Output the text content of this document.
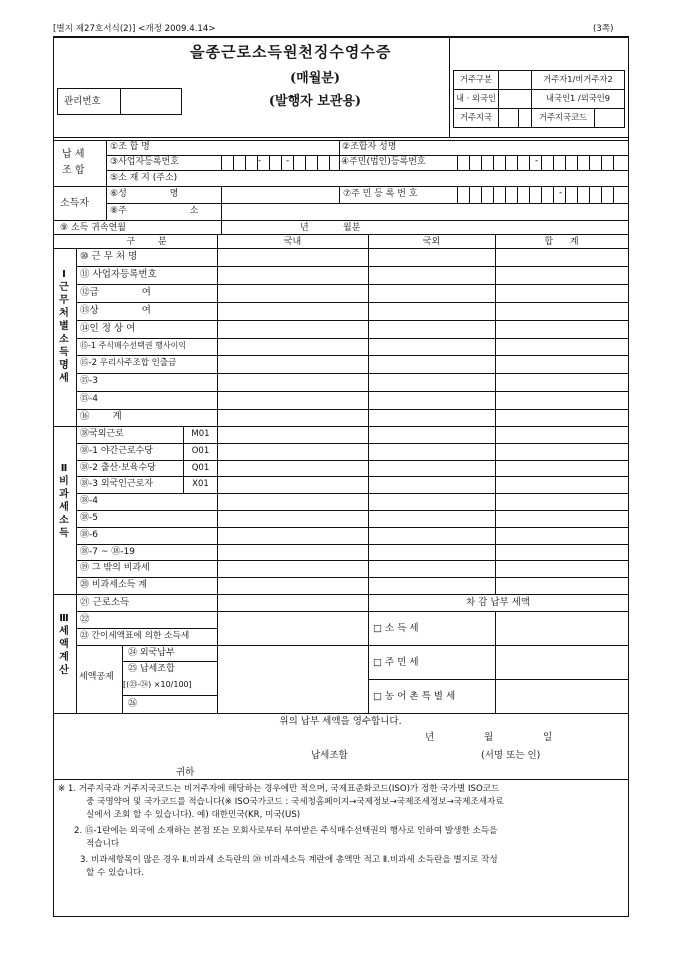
[별지 제27호서식(2)] <개정 2009.4.14>	(3쪽)
을종근로소득원천징수영수증
(매월분)
(발행자 보관용)
관리번호
거주구분	거주자1/비거주자2
내 · 외국인	내국인1 /외국인9
거주지국	거주지국코드
-	-	-
-
납 세
조 합
①조 합 명	②조합자 성명
③사업자등록번호	④주민(법인)등록번호
⑤소 재 지 (주소)
소득자
⑥성 명	⑦주 민 등 록 번 호
⑧주 소
⑨ 소득 귀속연월	년	월분
구 분	국내	국외	합 계
Ⅰ 근무처별소득명세
⑩ 근 무 처 명
⑪ 사업자등록번호
⑫급 여
⑬상 여
⑭인 정 상 여
⑮-1 주식매수선택권 행사이익
⑮-2 우리사주조합 인출금
⑮-3
⑮-4
⑯ 계
Ⅱ 비과세소득
⑱국외근로	M01
⑱-1 야간근로수당	O01
⑱-2 출산·보육수당	Q01
⑱-3 외국인근로자	X01
⑱-4
⑱-5
⑱-6
⑱-7 ~ ⑱-19
⑲ 그 밖의 비과세
⑳ 비과세소득 계
Ⅲ 세액계산
㉑ 근로소득
㉒
㉓ 간이세액표에 의한 소득세
세액공제
㉔ 외국납부
㉕ 납세조합
[(㉓-㉔) ×10/100]
㉖
차 감 납부 세액
□ 소 득 세
□ 주 민 세
□ 농 어 촌 특 별 세
위의 납부 세액을 영수합니다.
년	월	일
납세조합	(서명 또는 인)
귀하
※ 1. 거주지국과 거주지국코드는 비거주자에 해당하는 경우에만 적으며, 국제표준화코드(ISO)가 정한 국가별 ISO코드
중 국명약어 및 국가코드를 적습니다(※ ISO국가코드 : 국세청홈페이지→국제정보→국제조세정보→국제조세자료
실에서 조회 할 수 있습니다). 예) 대한민국(KR, 미국(US)
2. ⑮-1란에는 외국에 소재하는 본점 또는 모회사로부터 부여받은 주식매수선택권의 행사로 인하여 발생한 소득을
적습니다
3. 비과세항목이 많은 경우 Ⅱ.비과세 소득란의 ⑳ 비과세소득 계란에 총액만 적고 Ⅱ.비과세 소득란을 별지로 작성
할 수 있습니다.
